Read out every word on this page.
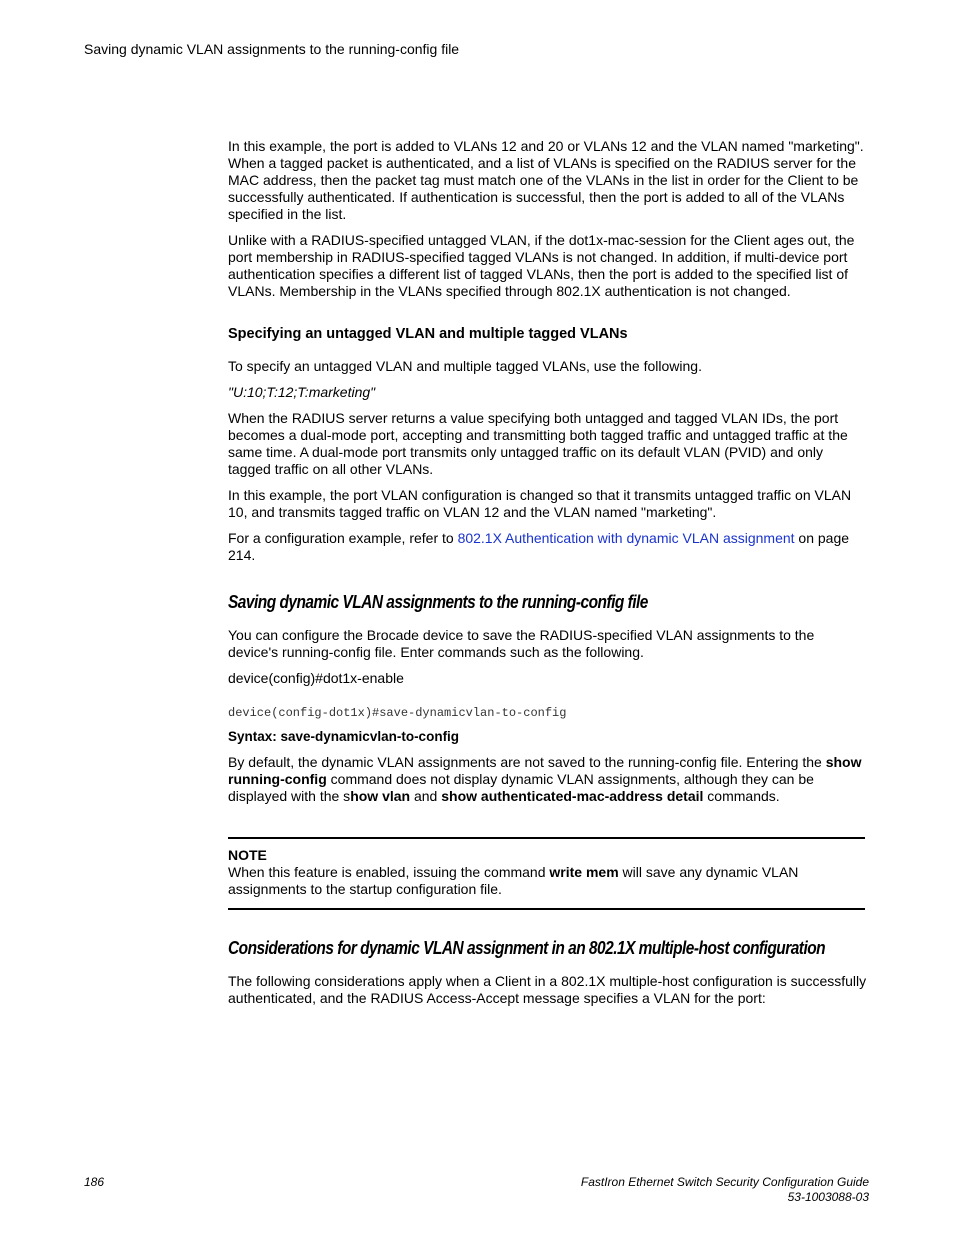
Saving dynamic VLAN assignments to the running-config file

In this example, the port is added to VLANs 12 and 20 or VLANs 12 and the VLAN named "marketing". When a tagged packet is authenticated, and a list of VLANs is specified on the RADIUS server for the MAC address, then the packet tag must match one of the VLANs in the list in order for the Client to be successfully authenticated. If authentication is successful, then the port is added to all of the VLANs specified in the list.

Unlike with a RADIUS-specified untagged VLAN, if the dot1x-mac-session for the Client ages out, the port membership in RADIUS-specified tagged VLANs is not changed. In addition, if multi-device port authentication specifies a different list of tagged VLANs, then the port is added to the specified list of VLANs. Membership in the VLANs specified through 802.1X authentication is not changed.

Specifying an untagged VLAN and multiple tagged VLANs

To specify an untagged VLAN and multiple tagged VLANs, use the following.

"U:10;T:12;T:marketing"

When the RADIUS server returns a value specifying both untagged and tagged VLAN IDs, the port becomes a dual-mode port, accepting and transmitting both tagged traffic and untagged traffic at the same time. A dual-mode port transmits only untagged traffic on its default VLAN (PVID) and only tagged traffic on all other VLANs.

In this example, the port VLAN configuration is changed so that it transmits untagged traffic on VLAN 10, and transmits tagged traffic on VLAN 12 and the VLAN named "marketing".

For a configuration example, refer to 802.1X Authentication with dynamic VLAN assignment on page 214.

Saving dynamic VLAN assignments to the running-config file

You can configure the Brocade device to save the RADIUS-specified VLAN assignments to the device's running-config file. Enter commands such as the following.

device(config)#dot1x-enable

device(config-dot1x)#save-dynamicvlan-to-config

Syntax: save-dynamicvlan-to-config

By default, the dynamic VLAN assignments are not saved to the running-config file. Entering the show running-config command does not display dynamic VLAN assignments, although they can be displayed with the show vlan and show authenticated-mac-address detail commands.

NOTE

When this feature is enabled, issuing the command write mem will save any dynamic VLAN assignments to the startup configuration file.

Considerations for dynamic VLAN assignment in an 802.1X multiple-host configuration

The following considerations apply when a Client in a 802.1X multiple-host configuration is successfully authenticated, and the RADIUS Access-Accept message specifies a VLAN for the port:

186	FastIron Ethernet Switch Security Configuration Guide
53-1003088-03
